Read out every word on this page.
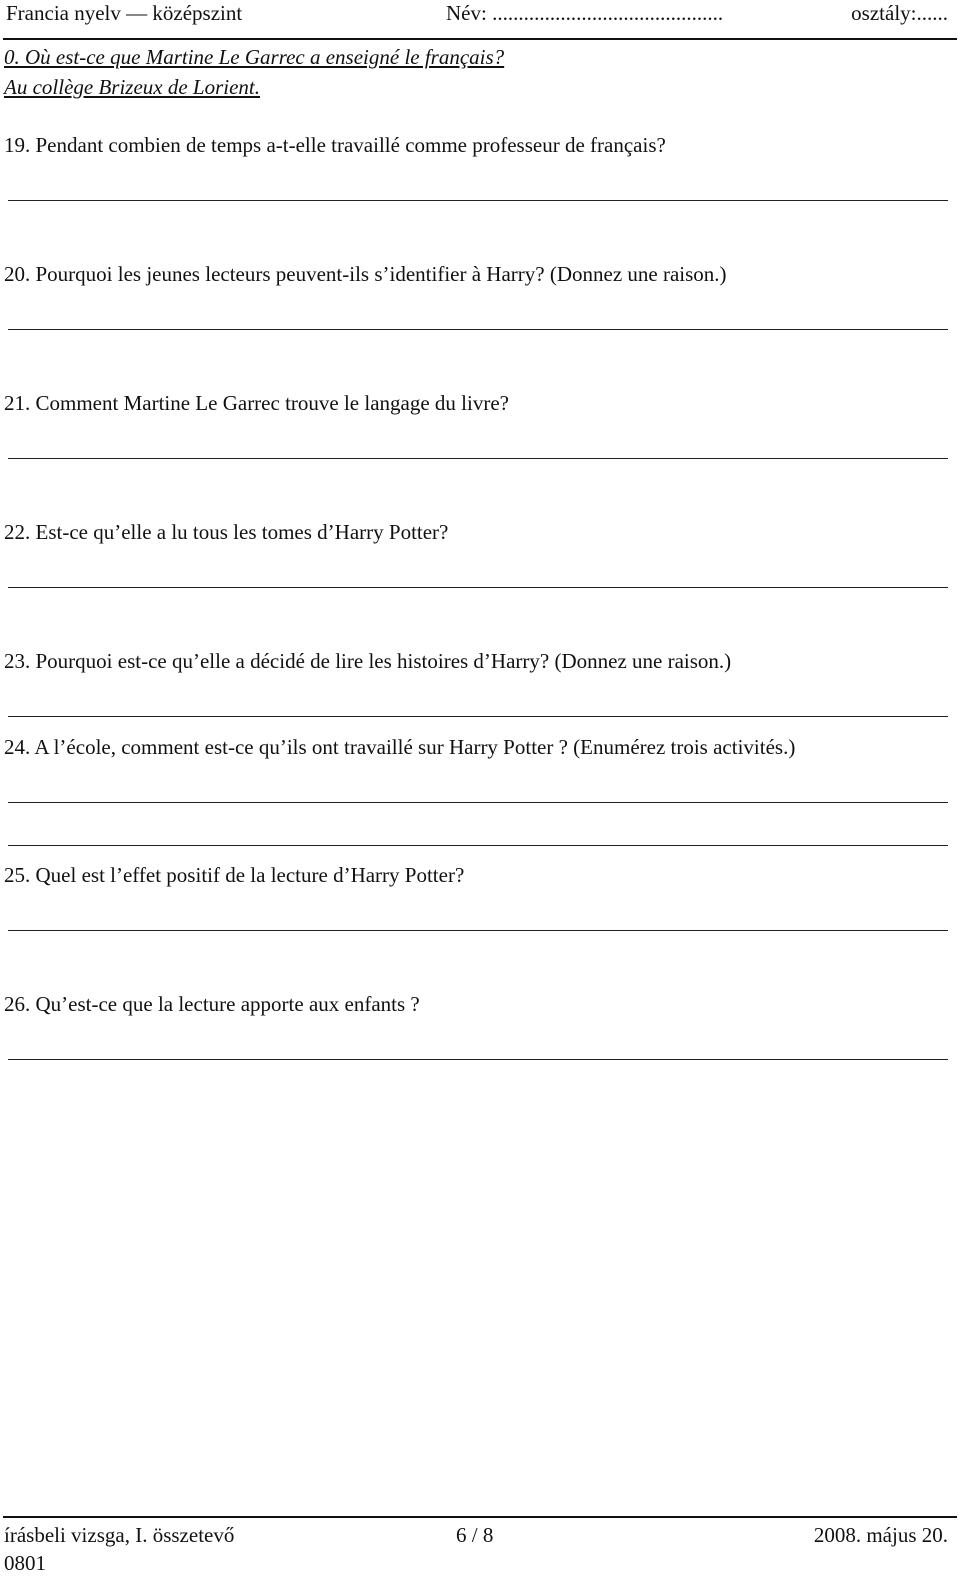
Francia nyelv — középszint	Név: ............................................	osztály:......
0. Où est-ce que Martine Le Garrec a enseigné le français?
Au collège Brizeux de Lorient.
19. Pendant combien de temps a-t-elle travaillé comme professeur de français?
20. Pourquoi les jeunes lecteurs peuvent-ils s’identifier à Harry? (Donnez une raison.)
21. Comment Martine Le Garrec trouve le langage du livre?
22. Est-ce qu’elle a lu tous les tomes d’Harry Potter?
23. Pourquoi est-ce qu’elle a décidé de lire les histoires d’Harry? (Donnez une raison.)
24. A l’école, comment est-ce qu’ils ont travaillé sur Harry Potter ? (Enumérez trois activités.)
25. Quel est l’effet positif de la lecture d’Harry Potter?
26. Qu’est-ce que la lecture apporte aux enfants ?
írásbeli vizsga, I. összetevő
0801
6 / 8	2008. május 20.
